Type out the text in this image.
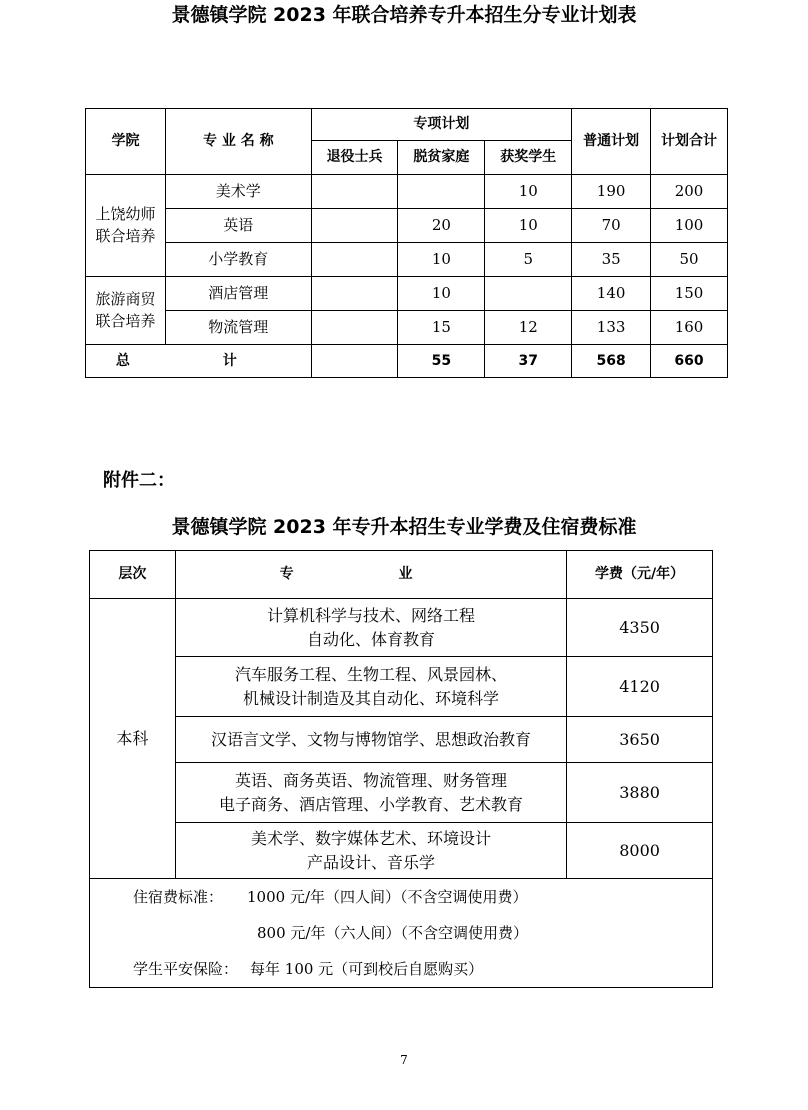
景德镇学院 2023 年联合培养专升本招生分专业计划表
学院	专 业 名 称	专项计划			普通计划	计划合计
		退役士兵	脱贫家庭	获奖学生		

上饶幼师联合培养	美术学			10	190	200
	英语		20	10	70	100
	小学教育		10	5	35	50

旅游商贸联合培养	酒店管理		10		140	150
	物流管理		15	12	133	160
总 计			55	37	568	660
附件二：
景德镇学院 2023 年专升本招生专业学费及住宿费标准
层次	专 业	学费（元/年）
本科	计算机科学与技术、网络工程
自动化、体育教育	4350

	汽车服务工程、生物工程、风景园林、
机械设计制造及其自动化、环境科学	4120

	汉语言文学、文物与博物馆学、思想政治教育	3650

	英语、商务英语、物流管理、财务管理
电子商务、酒店管理、小学教育、艺术教育	3880

	美术学、数字媒体艺术、环境设计
产品设计、音乐学	8000

住宿费标准： 1000 元/年（四人间）（不含空调使用费）
800 元/年（六人间）（不含空调使用费）
学生平安保险： 每年 100 元（可到校后自愿购买）		
7
